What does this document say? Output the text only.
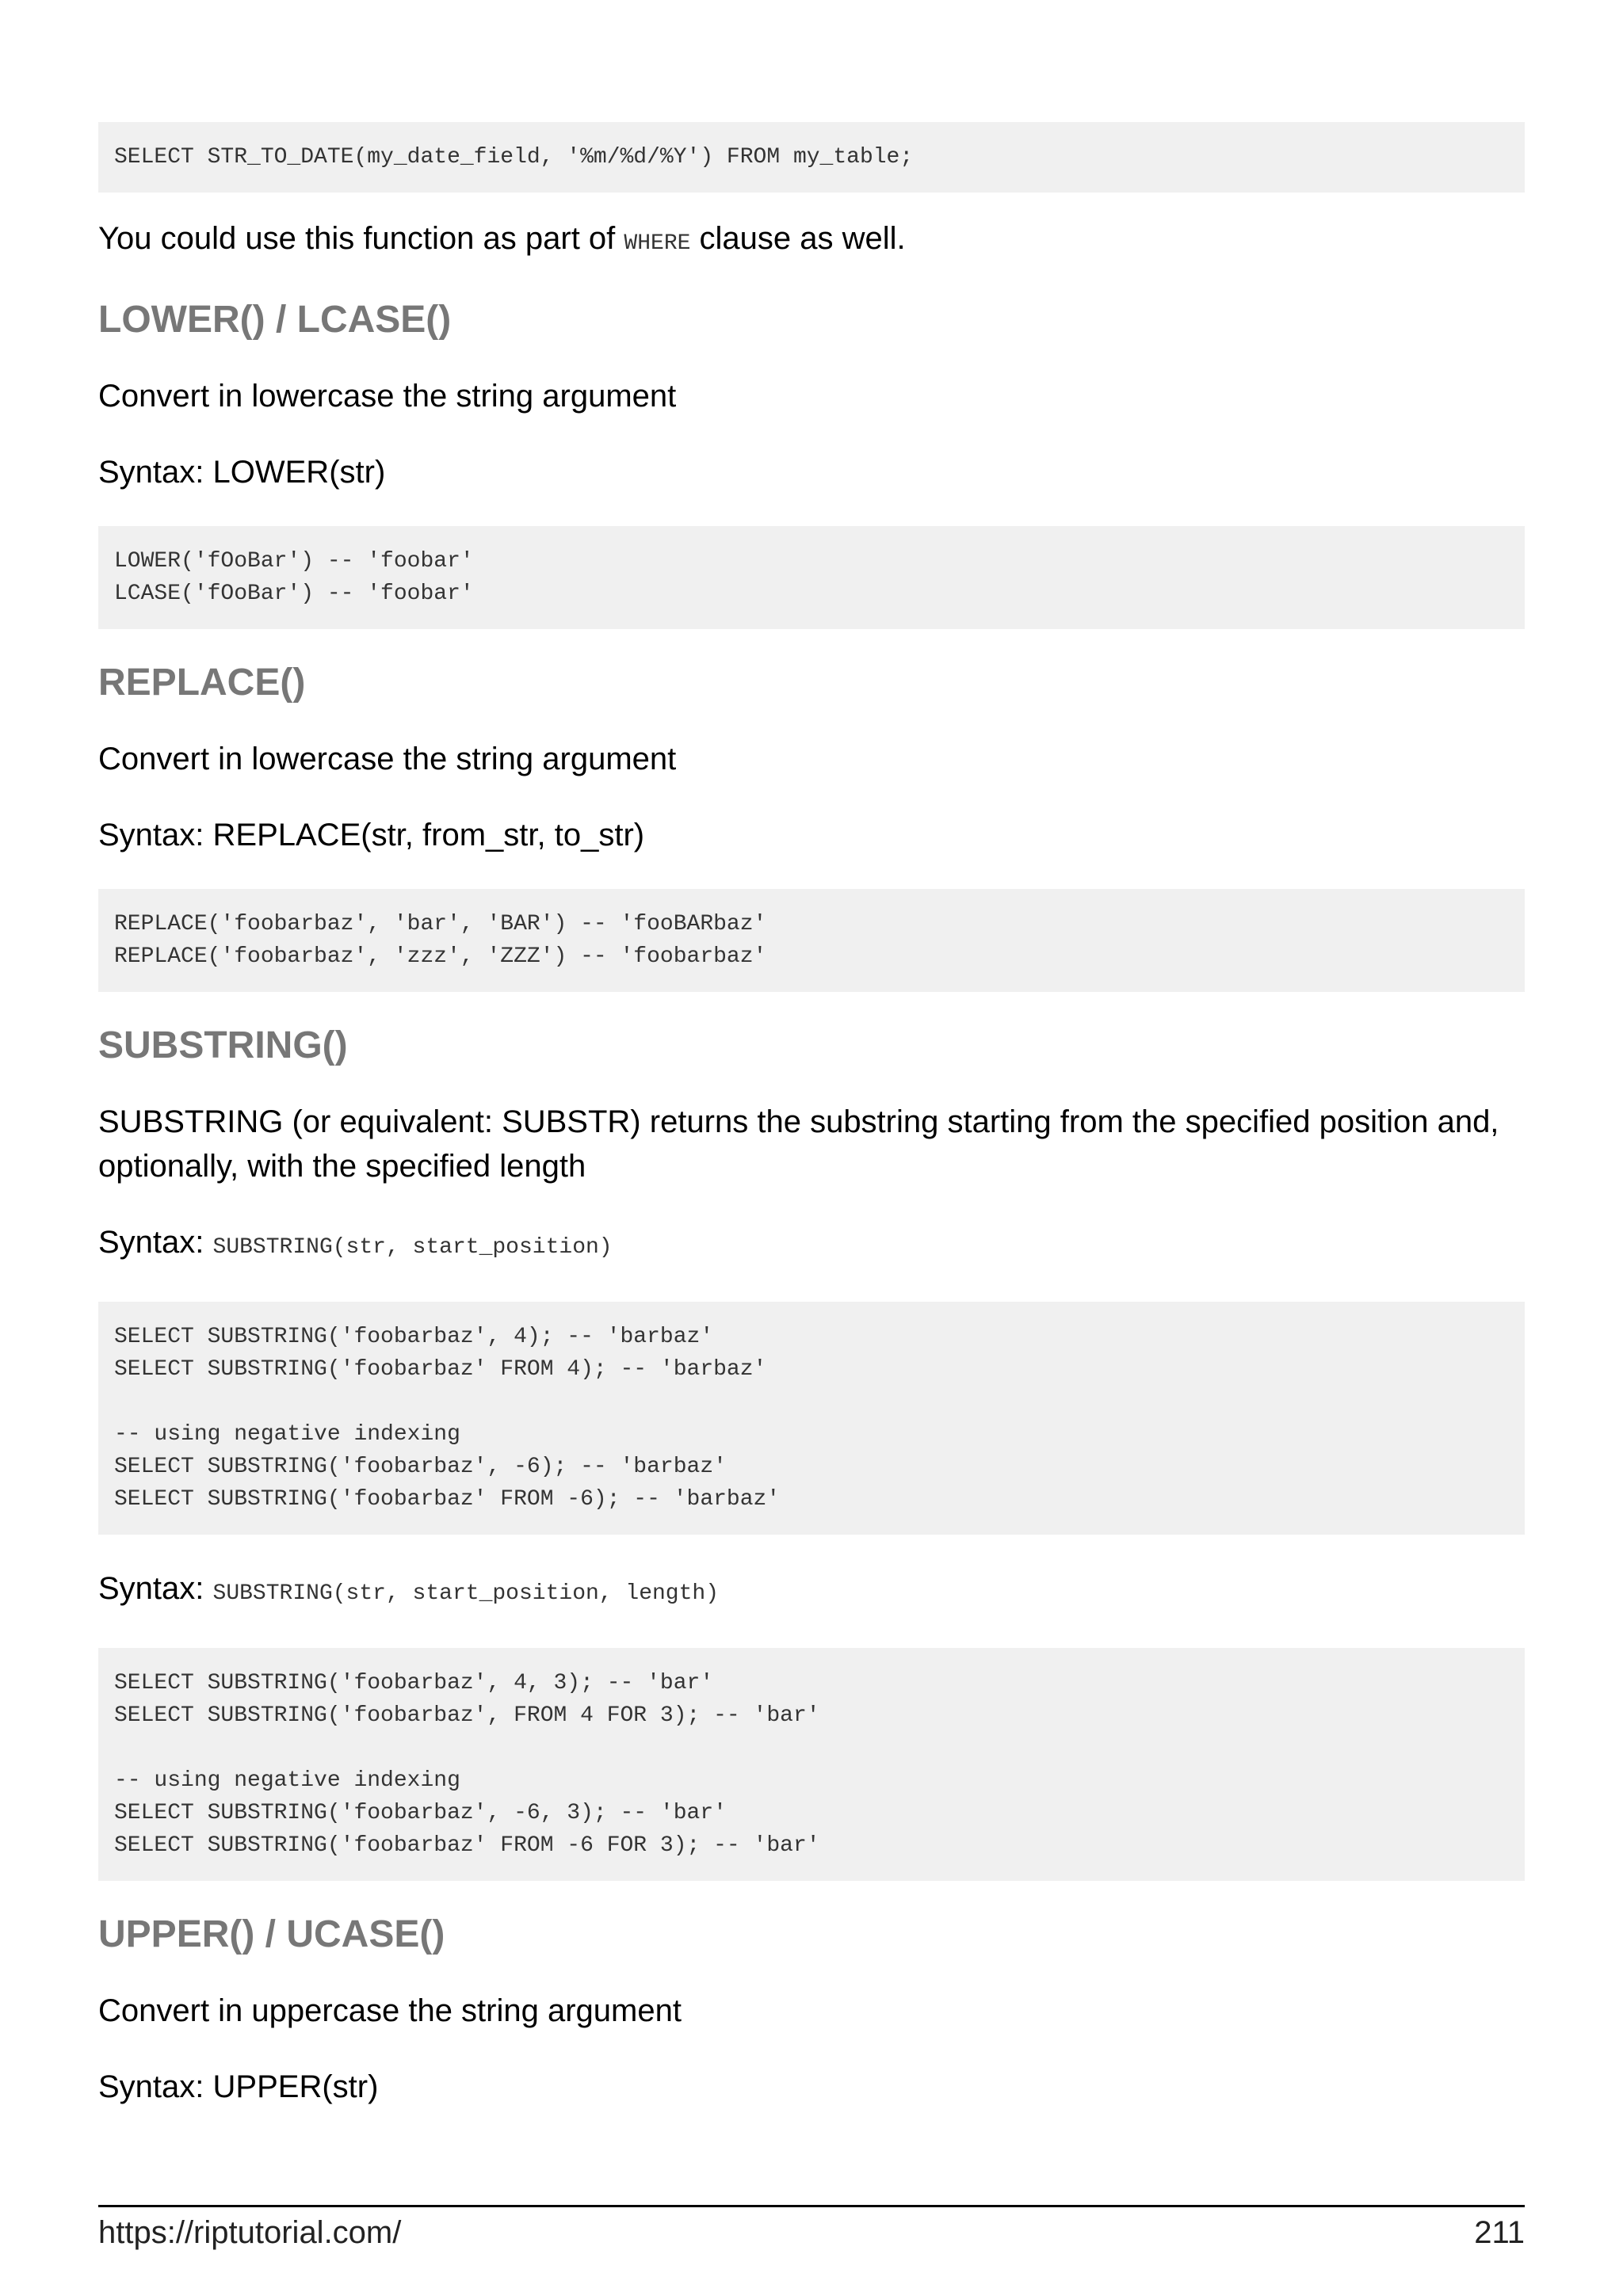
SELECT STR_TO_DATE(my_date_field, '%m/%d/%Y') FROM my_table;

You could use this function as part of WHERE clause as well.

LOWER() / LCASE()

Convert in lowercase the string argument

Syntax: LOWER(str)

LOWER('fOoBar') -- 'foobar'
LCASE('fOoBar') -- 'foobar'
REPLACE()

Convert in lowercase the string argument

Syntax: REPLACE(str, from_str, to_str)

REPLACE('foobarbaz', 'bar', 'BAR') -- 'fooBARbaz'
REPLACE('foobarbaz', 'zzz', 'ZZZ') -- 'foobarbaz'
SUBSTRING()

SUBSTRING (or equivalent: SUBSTR) returns the substring starting from the specified position and, optionally, with the specified length

Syntax: SUBSTRING(str, start_position)

SELECT SUBSTRING('foobarbaz', 4); -- 'barbaz'
SELECT SUBSTRING('foobarbaz' FROM 4); -- 'barbaz'
-- using negative indexing
SELECT SUBSTRING('foobarbaz', -6); -- 'barbaz'
SELECT SUBSTRING('foobarbaz' FROM -6); -- 'barbaz'

Syntax: SUBSTRING(str, start_position, length)

SELECT SUBSTRING('foobarbaz', 4, 3); -- 'bar'
SELECT SUBSTRING('foobarbaz', FROM 4 FOR 3); -- 'bar'
-- using negative indexing
SELECT SUBSTRING('foobarbaz', -6, 3); -- 'bar'
SELECT SUBSTRING('foobarbaz' FROM -6 FOR 3); -- 'bar'
UPPER() / UCASE()

Convert in uppercase the string argument

Syntax: UPPER(str)

https://riptutorial.com/	211
